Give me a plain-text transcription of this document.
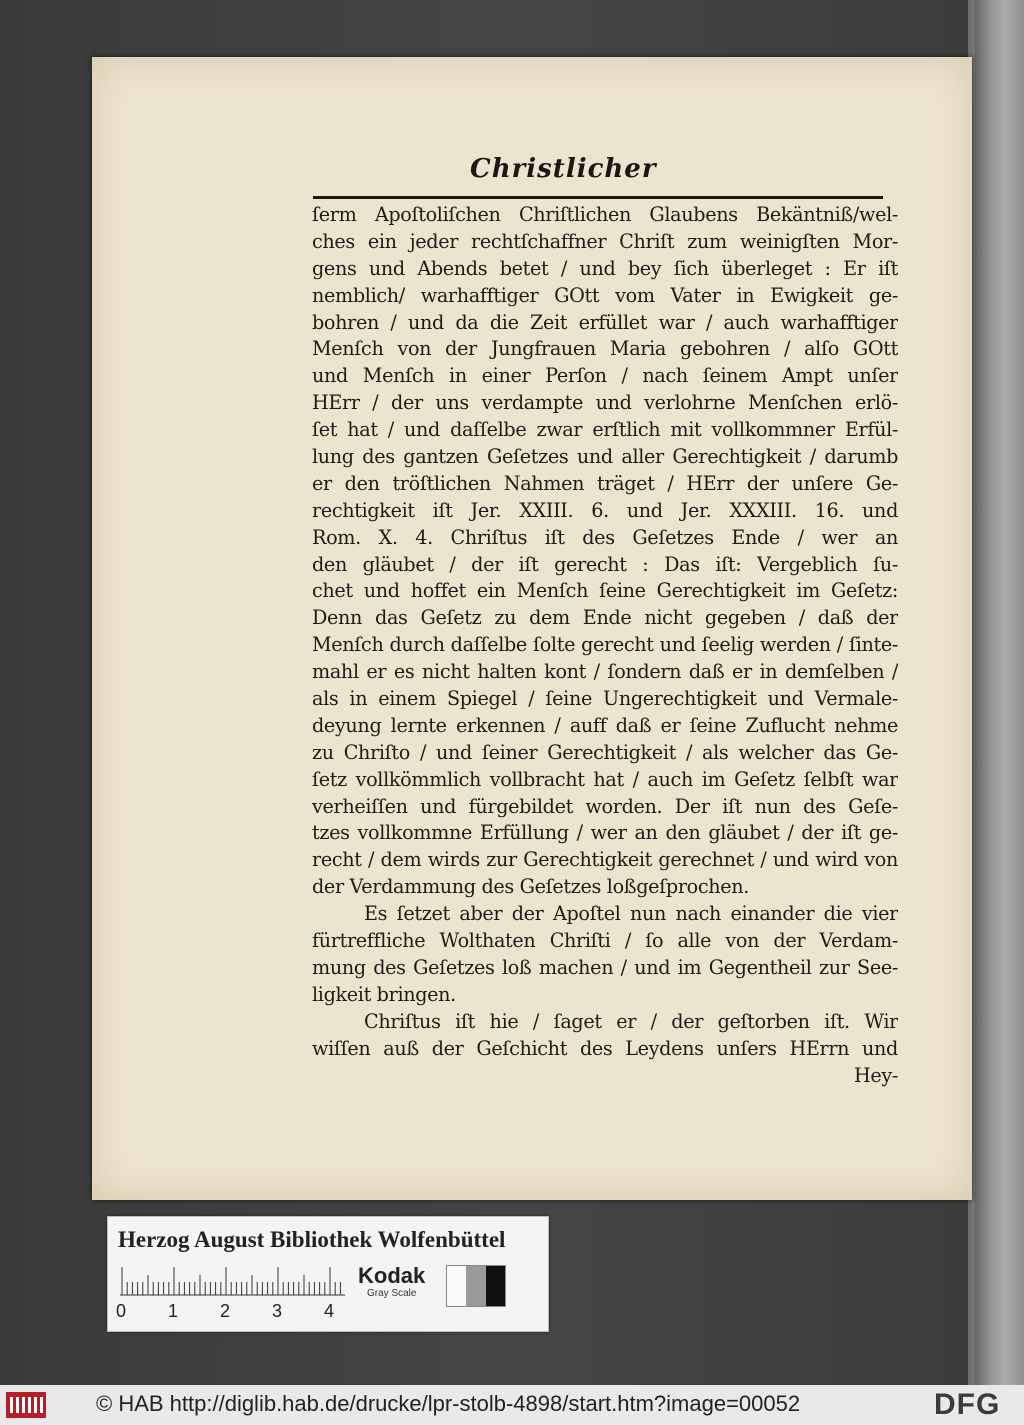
Christlicher
ſerm Apoſtoliſchen Chriſtlichen Glaubens Bekäntniß/wel-
ches ein jeder rechtſchaffner Chriſt zum weinigſten Mor-
gens und Abends betet / und bey ſich überleget : Er iſt
nemblich/ warhafftiger GOtt vom Vater in Ewigkeit ge-
bohren / und da die Zeit erfüllet war / auch warhafftiger
Menſch von der Jungfrauen Maria gebohren / alſo GOtt
und Menſch in einer Perſon / nach ſeinem Ampt unſer
HErr / der uns verdampte und verlohrne Menſchen erlö-
ſet hat / und daſſelbe zwar erſtlich mit vollkommner Erfül-
lung des gantzen Geſetzes und aller Gerechtigkeit / darumb
er den tröſtlichen Nahmen träget / HErr der unſere Ge-
rechtigkeit iſt Jer. XXIII. 6. und Jer. XXXIII. 16. und
Rom. X. 4. Chriſtus iſt des Geſetzes Ende / wer an
den gläubet / der iſt gerecht : Das iſt: Vergeblich ſu-
chet und hoffet ein Menſch ſeine Gerechtigkeit im Geſetz:
Denn das Geſetz zu dem Ende nicht gegeben / daß der
Menſch durch daſſelbe ſolte gerecht und ſeelig werden / ſinte-
mahl er es nicht halten kont / ſondern daß er in demſelben /
als in einem Spiegel / ſeine Ungerechtigkeit und Vermale-
deyung lernte erkennen / auff daß er ſeine Zuflucht nehme
zu Chriſto / und ſeiner Gerechtigkeit / als welcher das Ge-
ſetz vollkömmlich vollbracht hat / auch im Geſetz ſelbſt war
verheiſſen und fürgebildet worden. Der iſt nun des Geſe-
tzes vollkommne Erfüllung / wer an den gläubet / der iſt ge-
recht / dem wirds zur Gerechtigkeit gerechnet / und wird von
der Verdammung des Geſetzes loßgeſprochen.
Es ſetzet aber der Apoſtel nun nach einander die vier
fürtreffliche Wolthaten Chriſti / ſo alle von der Verdam-
mung des Geſetzes loß machen / und im Gegentheil zur See-
ligkeit bringen.
Chriſtus iſt hie / ſaget er / der geſtorben iſt. Wir
wiſſen auß der Geſchicht des Leydens unſers HErrn und
Hey-
Herzog August Bibliothek Wolfenbüttel
0 1 2 3 4
Kodak
Gray Scale
© HAB http://diglib.hab.de/drucke/lpr-stolb-4898/start.htm?image=00052	DFG
